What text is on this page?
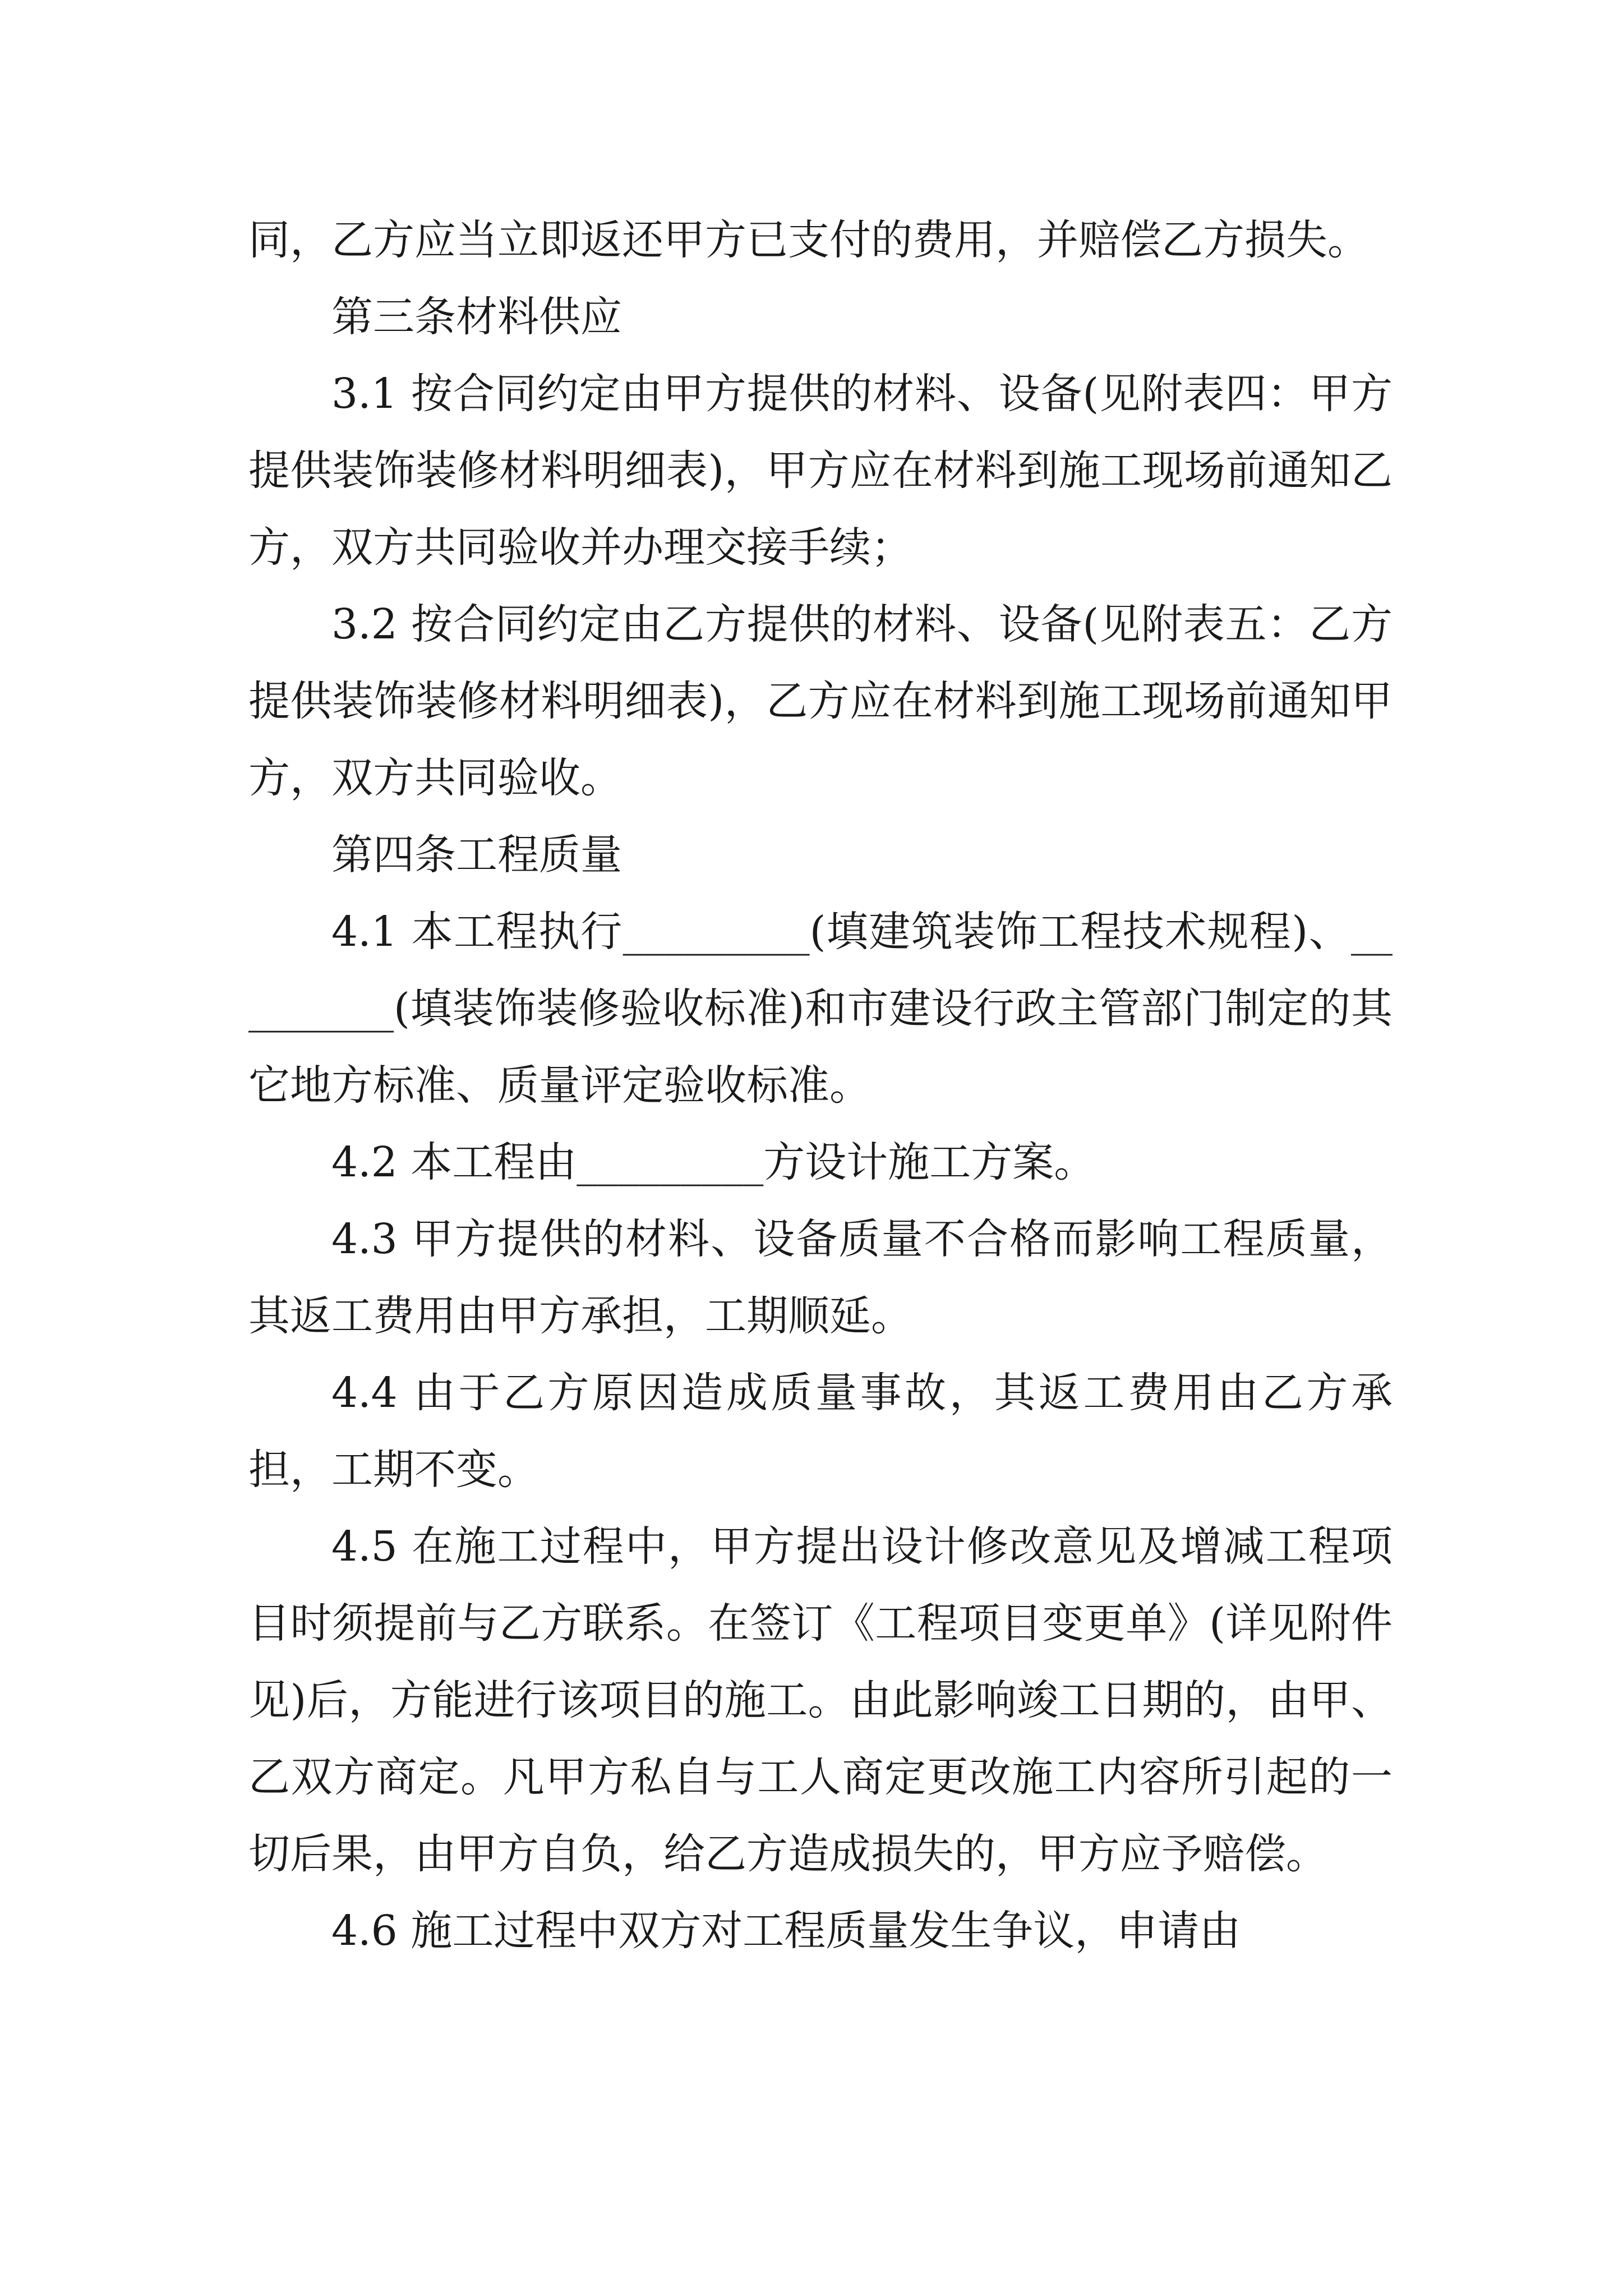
同，乙方应当立即返还甲方已支付的费用，并赔偿乙方损失。

第三条材料供应

3.1 按合同约定由甲方提供的材料、设备(见附表四：甲方提供装饰装修材料明细表)，甲方应在材料到施工现场前通知乙方，双方共同验收并办理交接手续；

3.2 按合同约定由乙方提供的材料、设备(见附表五：乙方提供装饰装修材料明细表)，乙方应在材料到施工现场前通知甲方，双方共同验收。

第四条工程质量

4.1 本工程执行_________(填建筑装饰工程技术规程)、_________(填装饰装修验收标准)和市建设行政主管部门制定的其它地方标准、质量评定验收标准。

4.2 本工程由_________方设计施工方案。

4.3 甲方提供的材料、设备质量不合格而影响工程质量，其返工费用由甲方承担，工期顺延。

4.4 由于乙方原因造成质量事故，其返工费用由乙方承担，工期不变。

4.5 在施工过程中，甲方提出设计修改意见及增减工程项目时须提前与乙方联系。在签订《工程项目变更单》(详见附件见)后，方能进行该项目的施工。由此影响竣工日期的，由甲、乙双方商定。凡甲方私自与工人商定更改施工内容所引起的一切后果，由甲方自负，给乙方造成损失的，甲方应予赔偿。

4.6 施工过程中双方对工程质量发生争议，申请由
